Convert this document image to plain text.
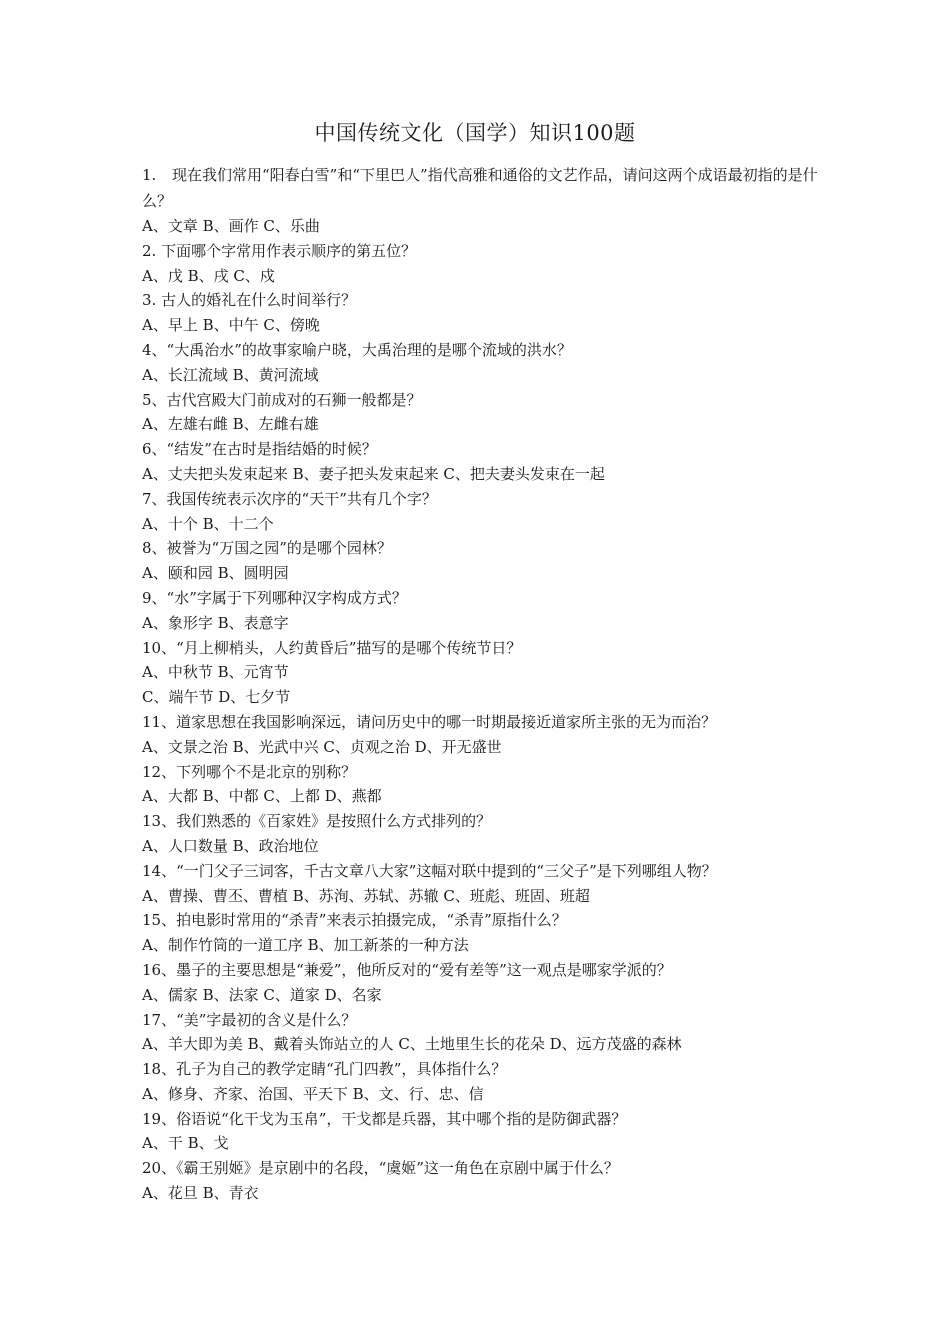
中国传统文化（国学）知识100题
1. 现在我们常用“阳春白雪”和“下里巴人”指代高雅和通俗的文艺作品，请问这两个成语最初指的是什么？
A、文章 B、画作 C、乐曲
2. 下面哪个字常用作表示顺序的第五位？
A、戊 B、戌 C、戍
3. 古人的婚礼在什么时间举行？
A、早上 B、中午 C、傍晚
4、“大禹治水”的故事家喻户晓，大禹治理的是哪个流域的洪水？
A、长江流域 B、黄河流域
5、古代宫殿大门前成对的石狮一般都是？
A、左雄右雌 B、左雌右雄
6、“结发”在古时是指结婚的时候？
A、丈夫把头发束起来 B、妻子把头发束起来 C、把夫妻头发束在一起
7、我国传统表示次序的“天干”共有几个字？
A、十个 B、十二个
8、被誉为“万国之园”的是哪个园林？
A、颐和园 B、圆明园
9、“水”字属于下列哪种汉字构成方式？
A、象形字 B、表意字
10、“月上柳梢头，人约黄昏后”描写的是哪个传统节日？
A、中秋节 B、元宵节
C、端午节 D、七夕节
11、道家思想在我国影响深远，请问历史中的哪一时期最接近道家所主张的无为而治？
A、文景之治 B、光武中兴 C、贞观之治 D、开无盛世
12、下列哪个不是北京的别称？
A、大都 B、中都 C、上都 D、燕都
13、我们熟悉的《百家姓》是按照什么方式排列的？
A、人口数量 B、政治地位
14、“一门父子三词客，千古文章八大家”这幅对联中提到的“三父子”是下列哪组人物？
A、曹操、曹丕、曹植 B、苏洵、苏轼、苏辙 C、班彪、班固、班超
15、拍电影时常用的“杀青”来表示拍摄完成，“杀青”原指什么？
A、制作竹筒的一道工序 B、加工新茶的一种方法
16、墨子的主要思想是“兼爱”，他所反对的“爱有差等”这一观点是哪家学派的？
A、儒家 B、法家 C、道家 D、名家
17、“美”字最初的含义是什么？
A、羊大即为美 B、戴着头饰站立的人 C、土地里生长的花朵 D、远方茂盛的森林
18、孔子为自己的教学定睛“孔门四教”，具体指什么？
A、修身、齐家、治国、平天下 B、文、行、忠、信
19、俗语说“化干戈为玉帛”，干戈都是兵器，其中哪个指的是防御武器？
A、干 B、戈
20、《霸王别姬》是京剧中的名段，“虞姬”这一角色在京剧中属于什么？
A、花旦 B、青衣
